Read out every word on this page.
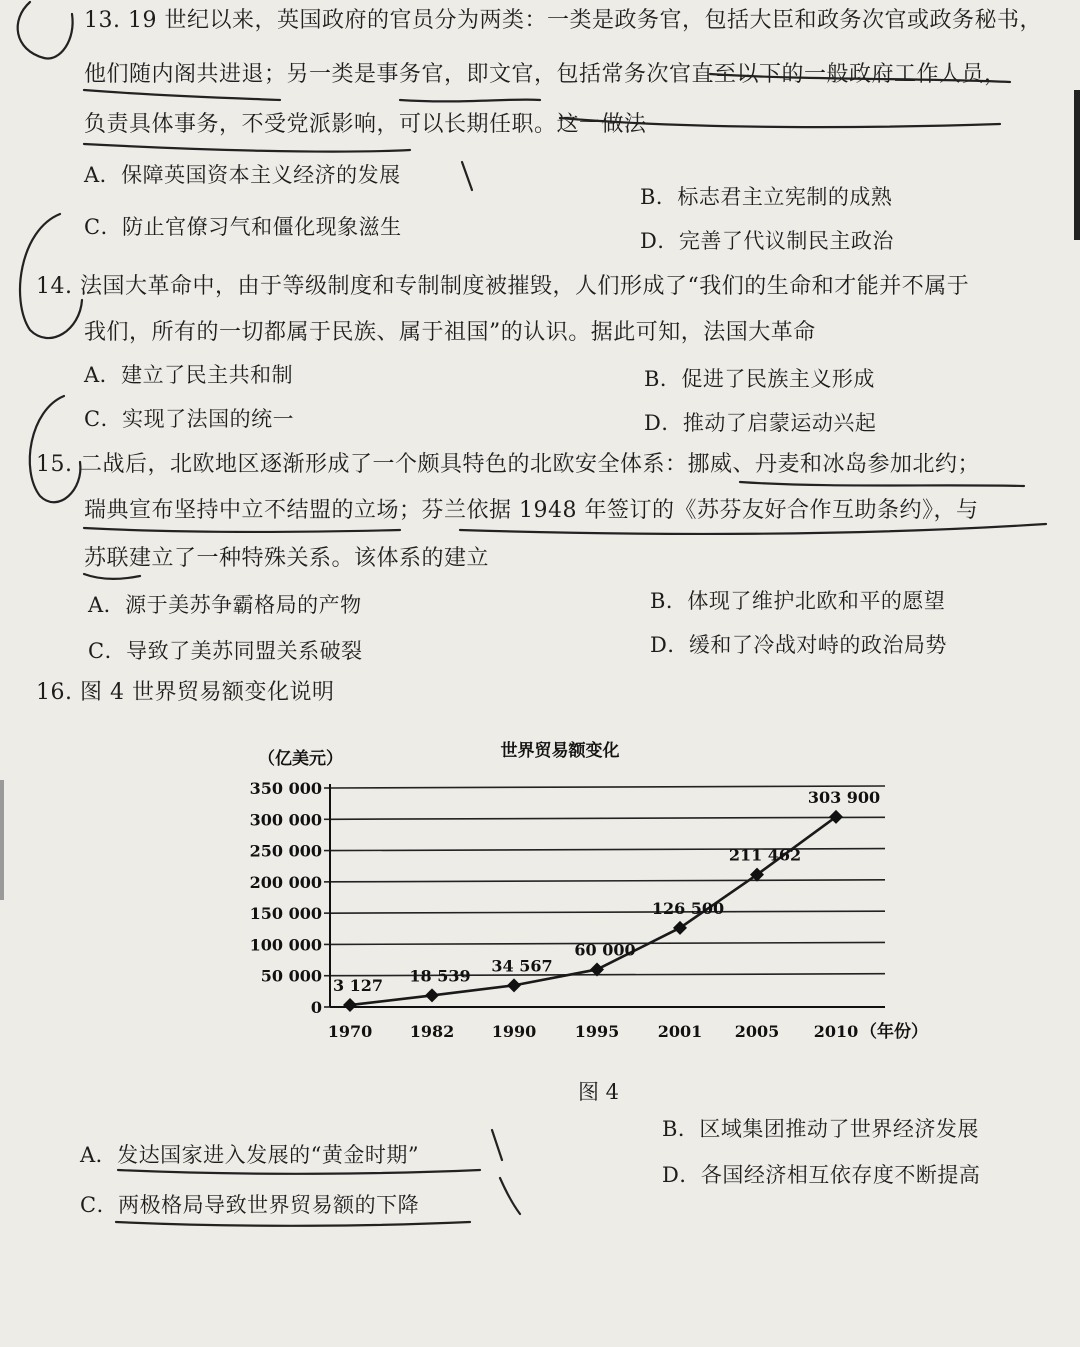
13. 19 世纪以来，英国政府的官员分为两类：一类是政务官，包括大臣和政务次官或政务秘书，
他们随内阁共进退；另一类是事务官，即文官，包括常务次官直至以下的一般政府工作人员，
负责具体事务，不受党派影响，可以长期任职。这一做法
A．保障英国资本主义经济的发展
B．标志君主立宪制的成熟
C．防止官僚习气和僵化现象滋生
D．完善了代议制民主政治
14. 法国大革命中，由于等级制度和专制制度被摧毁，人们形成了“我们的生命和才能并不属于
我们，所有的一切都属于民族、属于祖国”的认识。据此可知，法国大革命
A．建立了民主共和制	B．促进了民族主义形成
C．实现了法国的统一	D．推动了启蒙运动兴起
15. 二战后，北欧地区逐渐形成了一个颇具特色的北欧安全体系：挪威、丹麦和冰岛参加北约；
瑞典宣布坚持中立不结盟的立场；芬兰依据 1948 年签订的《苏芬友好合作互助条约》，与
苏联建立了一种特殊关系。该体系的建立
A．源于美苏争霸格局的产物	B．体现了维护北欧和平的愿望
C．导致了美苏同盟关系破裂	D．缓和了冷战对峙的政治局势
16. 图 4 世界贸易额变化说明
世界贸易额变化
（亿美元）
0
50 000
100 000
150 000
200 000
250 000
300 000
350 000
1970 1982 1990 1995 2001 2005 2010 （年份）
3 127
18 539
34 567
60 000
126 500
211 462
303 900
图 4
A．发达国家进入发展的“黄金时期”
B．区域集团推动了世界经济发展
C．两极格局导致世界贸易额的下降
D．各国经济相互依存度不断提高
